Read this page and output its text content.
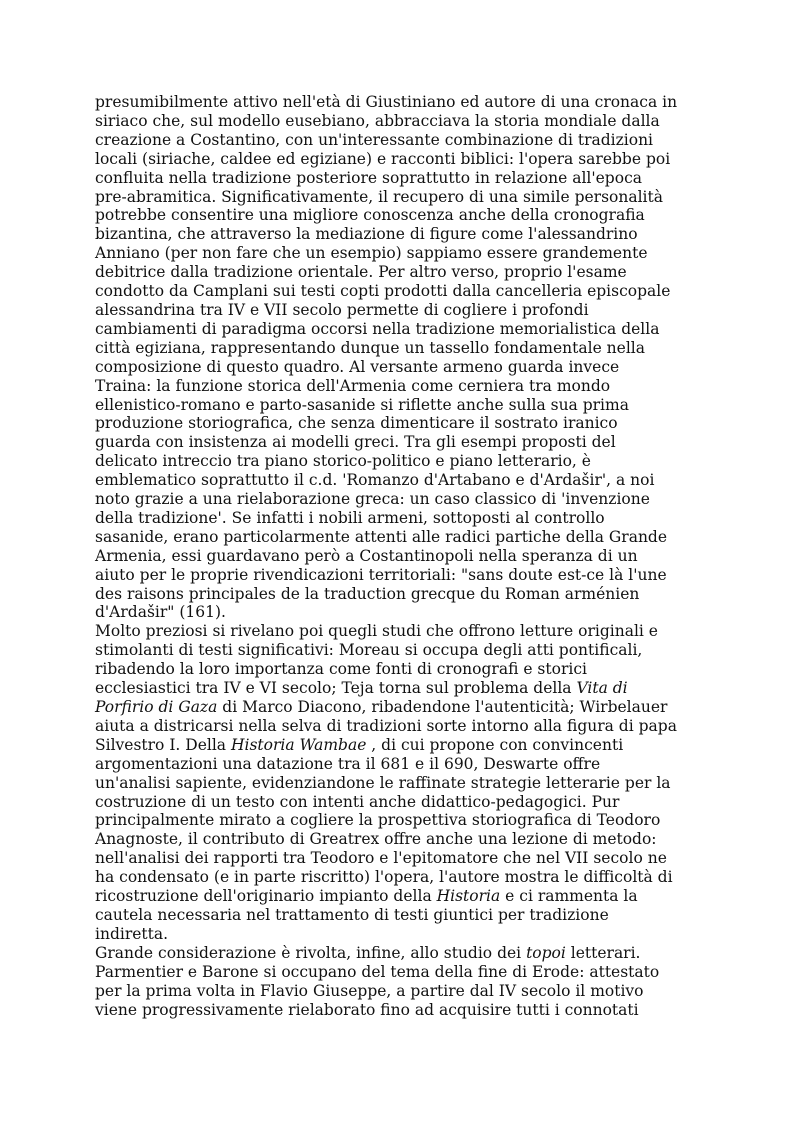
presumibilmente attivo nell'età di Giustiniano ed autore di una cronaca in
siriaco che, sul modello eusebiano, abbracciava la storia mondiale dalla
creazione a Costantino, con un'interessante combinazione di tradizioni
locali (siriache, caldee ed egiziane) e racconti biblici: l'opera sarebbe poi
confluita nella tradizione posteriore soprattutto in relazione all'epoca
pre-abramitica. Significativamente, il recupero di una simile personalità
potrebbe consentire una migliore conoscenza anche della cronografia
bizantina, che attraverso la mediazione di figure come l'alessandrino
Anniano (per non fare che un esempio) sappiamo essere grandemente
debitrice dalla tradizione orientale. Per altro verso, proprio l'esame
condotto da Camplani sui testi copti prodotti dalla cancelleria episcopale
alessandrina tra IV e VII secolo permette di cogliere i profondi
cambiamenti di paradigma occorsi nella tradizione memorialistica della
città egiziana, rappresentando dunque un tassello fondamentale nella
composizione di questo quadro. Al versante armeno guarda invece
Traina: la funzione storica dell'Armenia come cerniera tra mondo
ellenistico-romano e parto-sasanide si riflette anche sulla sua prima
produzione storiografica, che senza dimenticare il sostrato iranico
guarda con insistenza ai modelli greci. Tra gli esempi proposti del
delicato intreccio tra piano storico-politico e piano letterario, è
emblematico soprattutto il c.d. 'Romanzo d'Artabano e d'Ardašir', a noi
noto grazie a una rielaborazione greca: un caso classico di 'invenzione
della tradizione'. Se infatti i nobili armeni, sottoposti al controllo
sasanide, erano particolarmente attenti alle radici partiche della Grande
Armenia, essi guardavano però a Costantinopoli nella speranza di un
aiuto per le proprie rivendicazioni territoriali: "sans doute est-ce là l'une
des raisons principales de la traduction grecque du Roman arménien
d'Ardašir" (161).
Molto preziosi si rivelano poi quegli studi che offrono letture originali e
stimolanti di testi significativi: Moreau si occupa degli atti pontificali,
ribadendo la loro importanza come fonti di cronografi e storici
ecclesiastici tra IV e VI secolo; Teja torna sul problema della Vita di
Porfirio di Gaza di Marco Diacono, ribadendone l'autenticità; Wirbelauer
aiuta a districarsi nella selva di tradizioni sorte intorno alla figura di papa
Silvestro I. Della Historia Wambae , di cui propone con convincenti
argomentazioni una datazione tra il 681 e il 690, Deswarte offre
un'analisi sapiente, evidenziandone le raffinate strategie letterarie per la
costruzione di un testo con intenti anche didattico-pedagogici. Pur
principalmente mirato a cogliere la prospettiva storiografica di Teodoro
Anagnoste, il contributo di Greatrex offre anche una lezione di metodo:
nell'analisi dei rapporti tra Teodoro e l'epitomatore che nel VII secolo ne
ha condensato (e in parte riscritto) l'opera, l'autore mostra le difficoltà di
ricostruzione dell'originario impianto della Historia e ci rammenta la
cautela necessaria nel trattamento di testi giuntici per tradizione
indiretta.
Grande considerazione è rivolta, infine, allo studio dei topoi letterari.
Parmentier e Barone si occupano del tema della fine di Erode: attestato
per la prima volta in Flavio Giuseppe, a partire dal IV secolo il motivo
viene progressivamente rielaborato fino ad acquisire tutti i connotati
